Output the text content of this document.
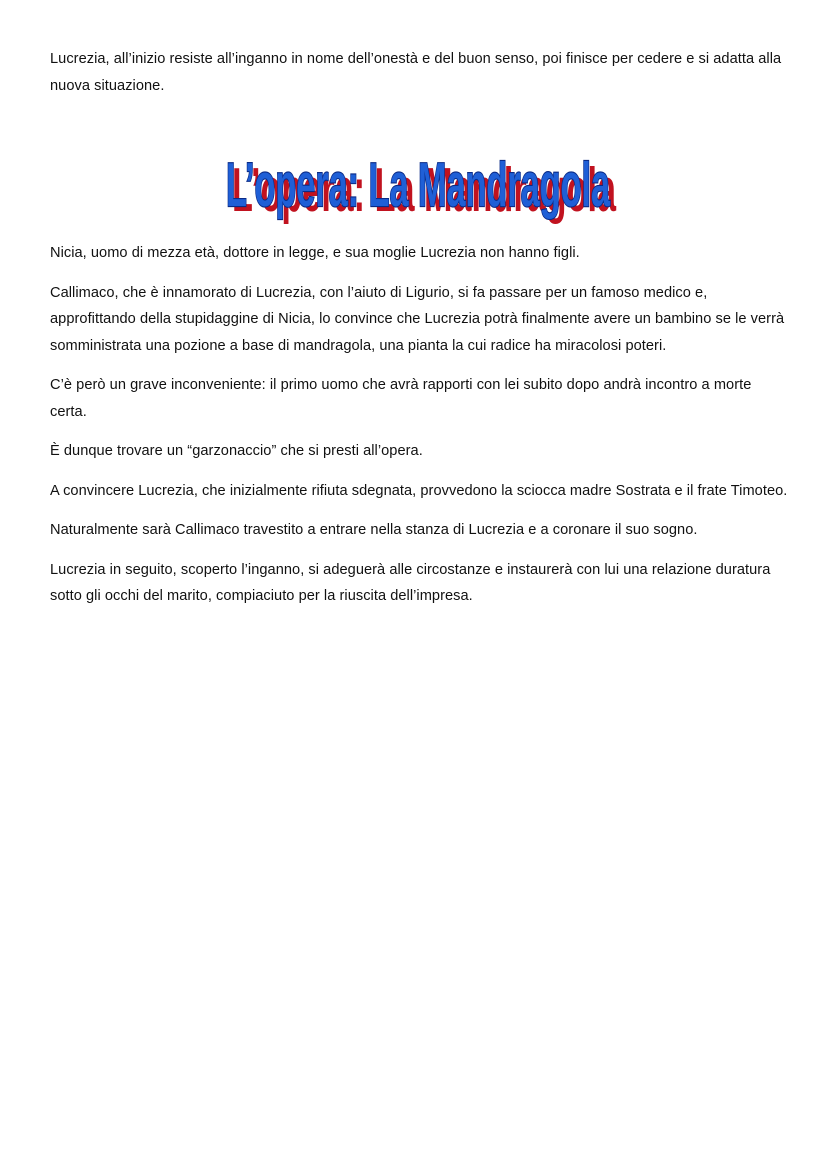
Lucrezia, all’inizio resiste all’inganno in nome dell’onestà e del buon senso, poi finisce per cedere e si adatta alla nuova situazione.

L’opera: La Mandragola
L’opera: La Mandragola

Nicia, uomo di mezza età, dottore in legge, e sua moglie Lucrezia non hanno figli.

Callimaco, che è innamorato di Lucrezia, con l’aiuto di Ligurio, si fa passare per un famoso medico e, approfittando della stupidaggine di Nicia, lo convince che Lucrezia potrà finalmente avere un bambino se le verrà somministrata una pozione a base di mandragola, una pianta la cui radice ha miracolosi poteri.

C’è però un grave inconveniente: il primo uomo che avrà rapporti con lei subito dopo andrà incontro a morte certa.

È dunque trovare un “garzonaccio” che si presti all’opera.

A convincere Lucrezia, che inizialmente rifiuta sdegnata, provvedono la sciocca madre Sostrata e il frate Timoteo.

Naturalmente sarà Callimaco travestito a entrare nella stanza di Lucrezia e a coronare il suo sogno.

Lucrezia in seguito, scoperto l’inganno, si adeguerà alle circostanze e instaurerà con lui una relazione duratura sotto gli occhi del marito, compiaciuto per la riuscita dell’impresa.
